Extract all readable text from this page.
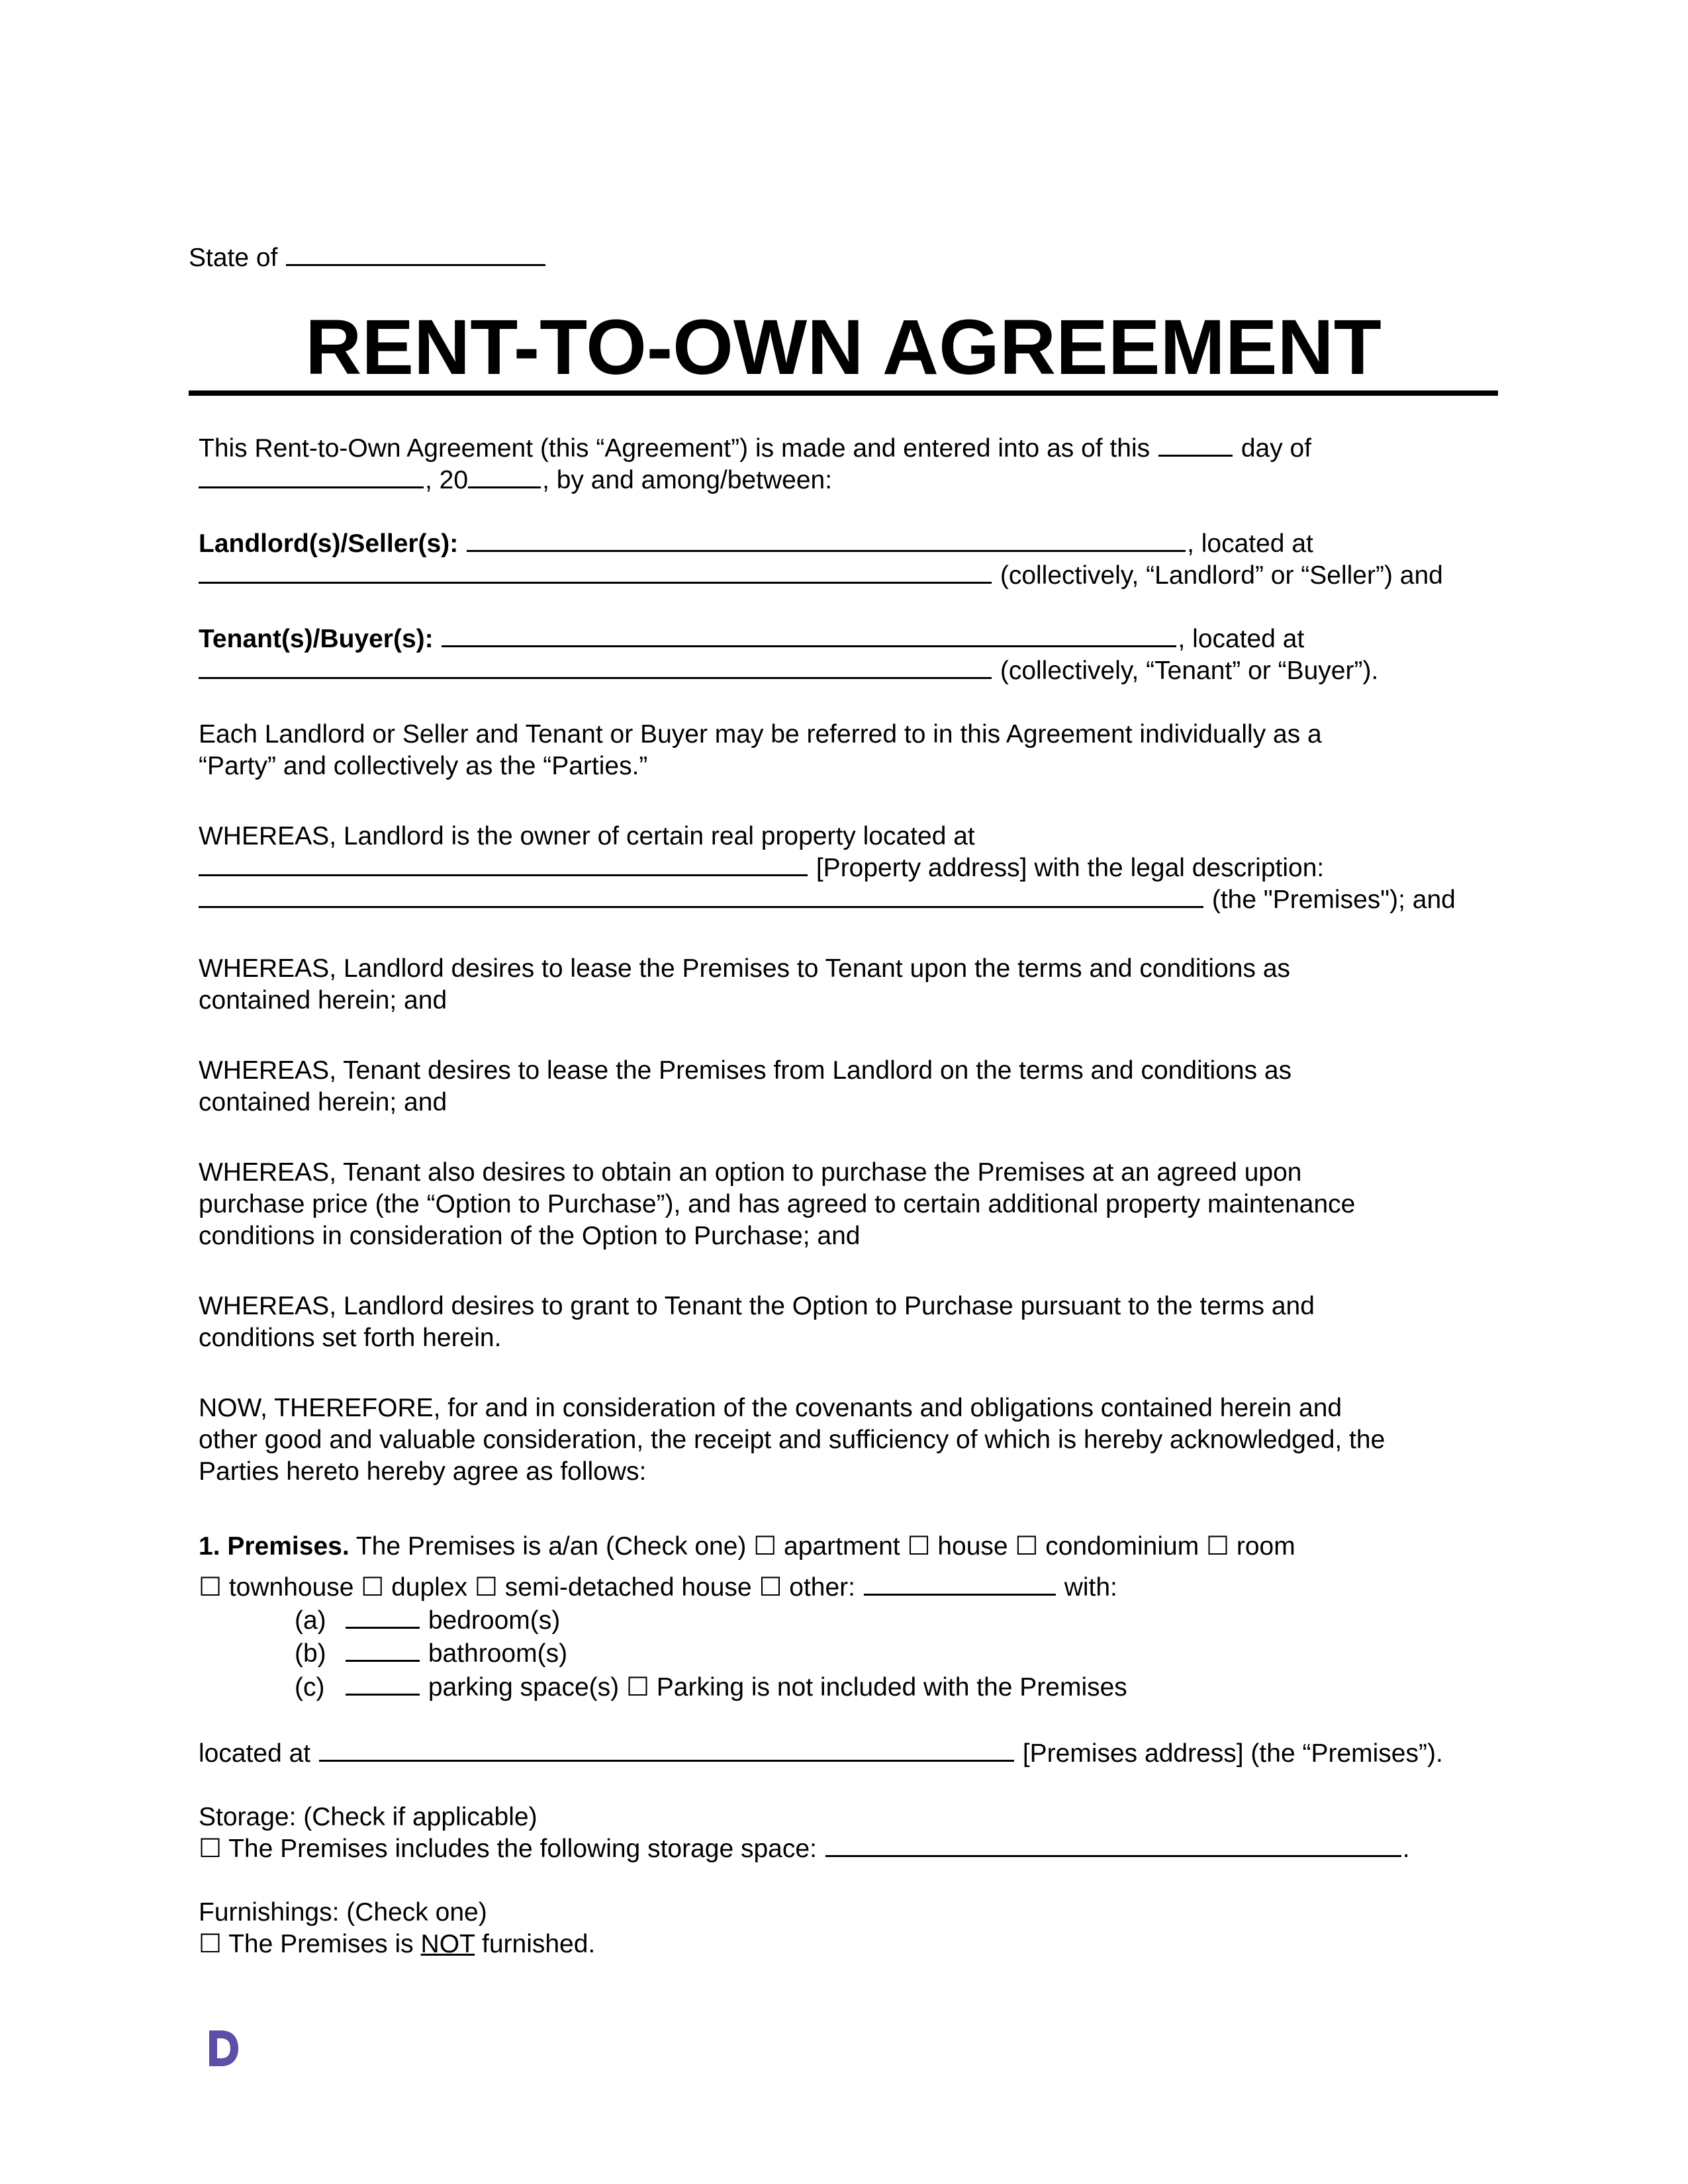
State of
RENT-TO-OWN AGREEMENT
This Rent-to-Own Agreement (this “Agreement”) is made and entered into as of this	day of
, 20	, by and among/between:
Landlord(s)/Seller(s):	, located at
(collectively, “Landlord” or “Seller”) and
Tenant(s)/Buyer(s):	, located at
(collectively, “Tenant” or “Buyer”).
Each Landlord or Seller and Tenant or Buyer may be referred to in this Agreement individually as a
“Party” and collectively as the “Parties.”
WHEREAS, Landlord is the owner of certain real property located at
[Property address] with the legal description:
(the "Premises"); and
WHEREAS, Landlord desires to lease the Premises to Tenant upon the terms and conditions as
contained herein; and
WHEREAS, Tenant desires to lease the Premises from Landlord on the terms and conditions as
contained herein; and
WHEREAS, Tenant also desires to obtain an option to purchase the Premises at an agreed upon
purchase price (the “Option to Purchase”), and has agreed to certain additional property maintenance
conditions in consideration of the Option to Purchase; and
WHEREAS, Landlord desires to grant to Tenant the Option to Purchase pursuant to the terms and
conditions set forth herein.
NOW, THEREFORE, for and in consideration of the covenants and obligations contained herein and
other good and valuable consideration, the receipt and sufficiency of which is hereby acknowledged, the
Parties hereto hereby agree as follows:
1. Premises. The Premises is a/an (Check one) ☐ apartment ☐ house ☐ condominium ☐ room
☐ townhouse ☐ duplex ☐ semi-detached house ☐ other:	with:
(a)	bedroom(s)
(b)	bathroom(s)
(c)	parking space(s) ☐ Parking is not included with the Premises
located at	[Premises address] (the “Premises”).
Storage: (Check if applicable)
☐ The Premises includes the following storage space:	.
Furnishings: (Check one)
☐ The Premises is NOT furnished.
